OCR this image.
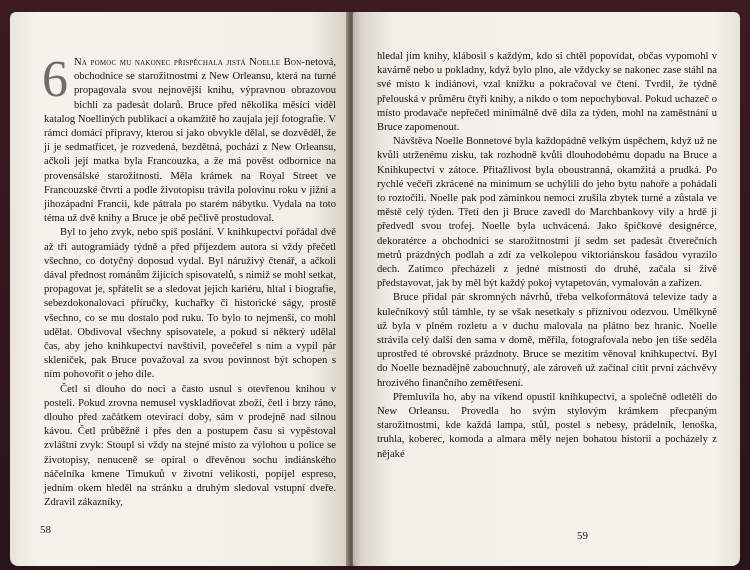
6 Na pomoc mu nakonec přispěchala jistá Noelle Bon-netová, obchodnice se starožitnostmi z New Orleansu, která na turné propagovala svou nejnovější knihu, výpravnou obrazovou bichli za padesát dolarů. Bruce před několika měsíci viděl katalog Noelliných publikací a okamžitě ho zaujala její fotografie. V rámci domácí přípravy, kterou si jako obvykle dělal, se dozvěděl, že jí je sedmatřicet, je rozvedená, bezdětná, pochází z New Orleansu, ačkoli její matka byla Francouzka, a že má pověst odbornice na provensálské starožitnosti. Měla krámek na Royal Street ve Francouzské čtvrti a podle životopisu trávila polovinu roku v jižní a jihozápadní Francii, kde pátrala po starém nábytku. Vydala na toto téma už dvě knihy a Bruce je obě pečlivě prostudoval.

Byl to jeho zvyk, nebo spíš poslání. V knihkupectví pořádal dvě až tři autogramiády týdně a před příjezdem autora si vždy přečetl všechno, co dotyčný doposud vydal. Byl náruživý čtenář, a ačkoli dával přednost románům žijících spisovatelů, s nimiž se mohl setkat, propagovat je, spřátelit se a sledovat jejich kariéru, hltal i biografie, sebezdokonalovací příručky, kuchařky či historické ságy, prostě všechno, co se mu dostalo pod ruku. To bylo to nejmenší, co mohl udělat. Obdivoval všechny spisovatele, a pokud si některý udělal čas, aby jeho knihkupectví navštívil, povečeřel s ním a vypil pár skleniček, pak Bruce považoval za svou povinnost být schopen s ním pohovořit o jeho díle.

Četl si dlouho do noci a často usnul s otevřenou knihou v posteli. Pokud zrovna nemusel vyskladňovat zboží, četl i brzy ráno, dlouho před začátkem otevírací doby, sám v prodejně nad silnou kávou. Četl průběžně i přes den a postupem času si vypěstoval zvláštní zvyk: Stoupl si vždy na stejné místo za výlohou u police se životopisy, nenuceně se opíral o dřevěnou sochu indiánského náčelníka kmene Timukuů v životní velikosti, popíjel espreso, jedním okem hleděl na stránku a druhým sledoval vstupní dveře. Zdravil zákazníky,

58

hledal jim knihy, klábosil s každým, kdo si chtěl popovídat, občas vypomohl v kavárně nebo u pokladny, když bylo plno, ale vždycky se nakonec zase stáhl na své místo k indiánovi, vzal knížku a pokračoval ve čtení. Tvrdil, že týdně přelouská v průměru čtyři knihy, a nikdo o tom nepochyboval. Pokud uchazeč o místo prodavače nepřečetl minimálně dvě díla za týden, mohl na zaměstnání u Bruce zapomenout.

Návštěva Noelle Bonnetové byla každopádně velkým úspěchem, když už ne kvůli utrženému zisku, tak rozhodně kvůli dlouhodobému dopadu na Bruce a Knihkupectví v zátoce. Přitažlivost byla oboustranná, okamžitá a prudká. Po rychlé večeři zkrácené na minimum se uchýlili do jeho bytu nahoře a pohádali to roztočili. Noelle pak pod záminkou nemoci zrušila zbytek turné a zůstala ve městě celý týden. Třetí den ji Bruce zavedl do Marchbankovy vily a hrdě jí předvedl svou trofej. Noelle byla uchvácená. Jako špičkové designérce, dekoratérce a obchodnici se starožitnostmi jí sedm set padesát čtverečních metrů prázdných podlah a zdí za velkolepou viktoriánskou fasádou vyrazilo dech. Zatímco přecházeli z jedné místnosti do druhé, začala si živě představovat, jak by měl být každý pokoj vytapetován, vymalován a zařízen.

Bruce přidal pár skromných návrhů, třeba velkoformátová televize tady a kulečníkový stůl támhle, ty se však nesetkaly s příznivou odezvou. Umělkyně už byla v plném rozletu a v duchu malovala na plátno bez hranic. Noelle strávila celý další den sama v domě, měřila, fotografovala nebo jen tiše seděla uprostřed té obrovské prázdnoty. Bruce se mezitím věnoval knihkupectví. Byl do Noelle beznadějně zabouchnutý, ale zároveň už začínal cítit první záchvěvy hrozivého finančního zemětřesení.

Přemluvila ho, aby na víkend opustil knihkupectví, a společně odletěli do New Orleansu. Provedla ho svým stylovým krámkem přecpaným starožitnostmi, kde každá lampa, stůl, postel s nebesy, prádelník, lenoška, truhla, koberec, komoda a almara měly nejen bohatou historii a pocházely z nějaké

59
